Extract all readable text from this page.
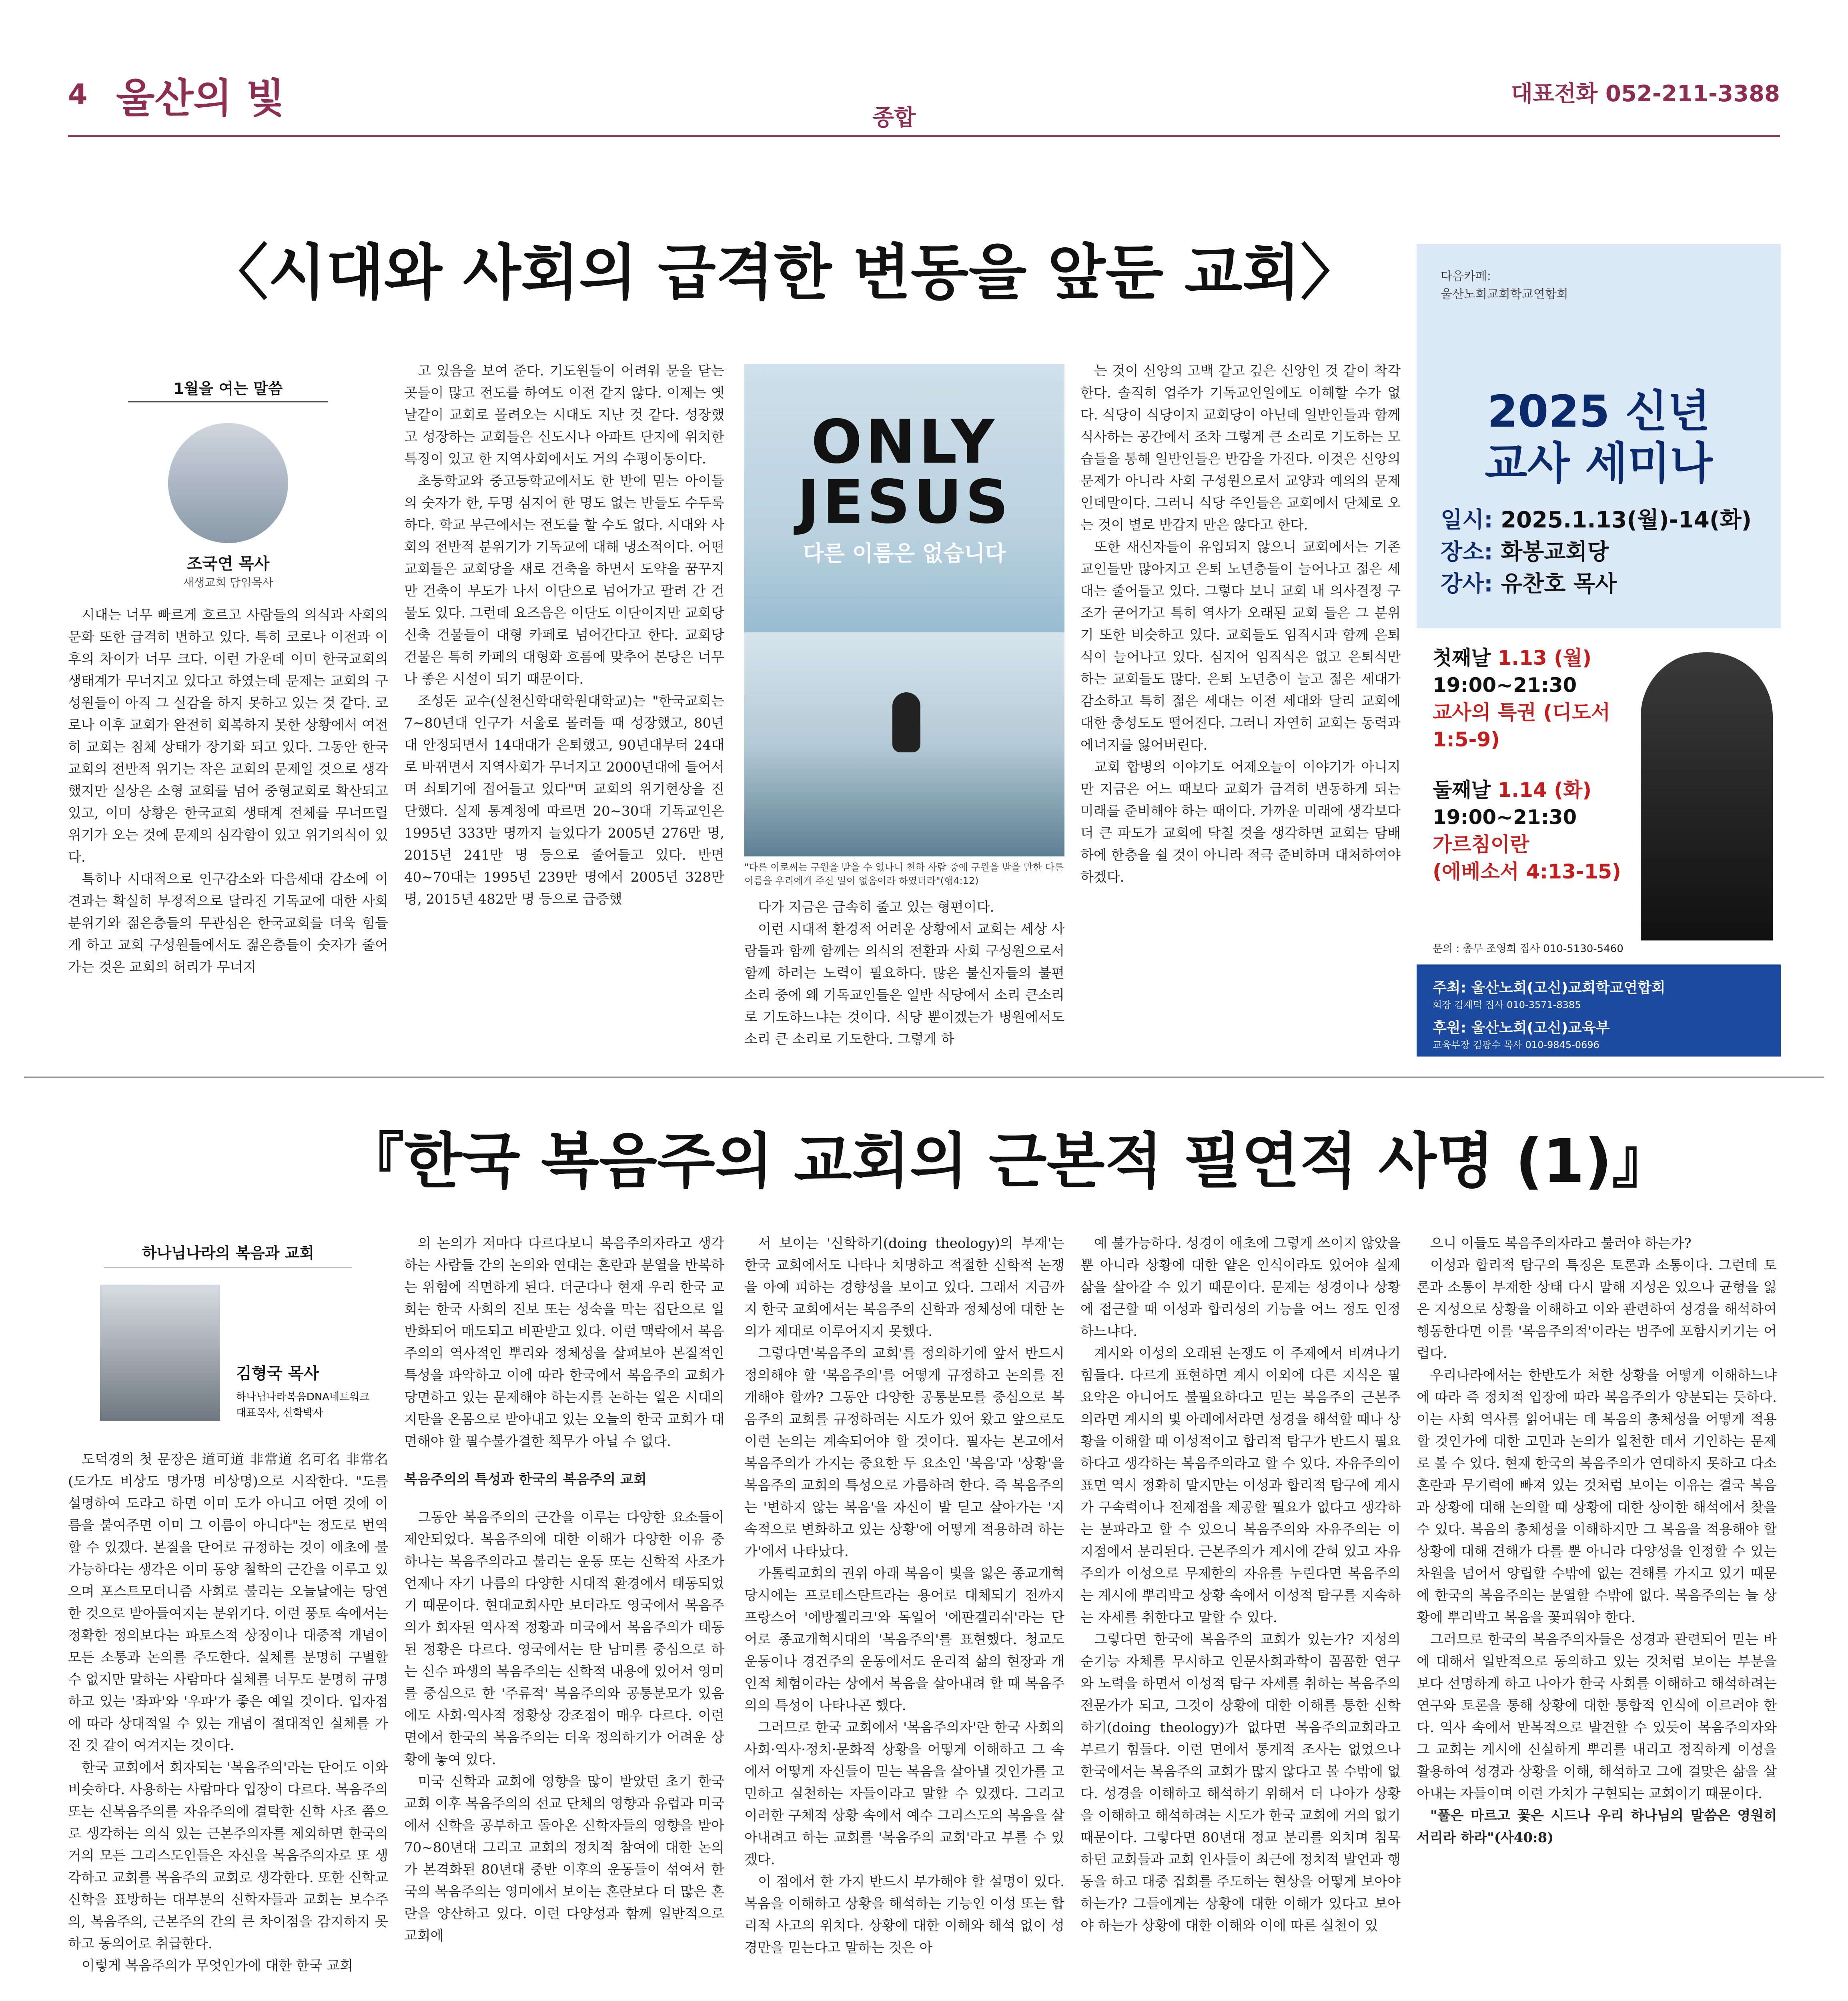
4 울산의 빛	종합
대표전화 052-211-3388
〈시대와 사회의 급격한 변동을 앞둔 교회〉
1월을 여는 말씀
조국연 목사
새생교회 담임목사

시대는 너무 빠르게 흐르고 사람들의 의식과 사회의 문화 또한 급격히 변하고 있다. 특히 코로나 이전과 이후의 차이가 너무 크다. 이런 가운데 이미 한국교회의 생태계가 무너지고 있다고 하였는데 문제는 교회의 구성원들이 아직 그 실감을 하지 못하고 있는 것 같다. 코로나 이후 교회가 완전히 회복하지 못한 상황에서 여전히 교회는 침체 상태가 장기화 되고 있다. 그동안 한국교회의 전반적 위기는 작은 교회의 문제일 것으로 생각했지만 실상은 소형 교회를 넘어 중형교회로 확산되고 있고, 이미 상황은 한국교회 생태계 전체를 무너뜨릴 위기가 오는 것에 문제의 심각함이 있고 위기의식이 있다.

특히나 시대적으로 인구감소와 다음세대 감소에 이견과는 확실히 부정적으로 달라진 기독교에 대한 사회 분위기와 젊은층들의 무관심은 한국교회를 더욱 힘들게 하고 교회 구성원들에서도 젊은층들이 숫자가 줄어가는 것은 교회의 허리가 무너지

고 있음을 보여 준다. 기도원들이 어려워 문을 닫는 곳들이 많고 전도를 하여도 이전 같지 않다. 이제는 옛날같이 교회로 몰려오는 시대도 지난 것 같다. 성장했고 성장하는 교회들은 신도시나 아파트 단지에 위치한 특징이 있고 한 지역사회에서도 거의 수평이동이다.

초등학교와 중고등학교에서도 한 반에 믿는 아이들의 숫자가 한, 두명 심지어 한 명도 없는 반들도 수두룩하다. 학교 부근에서는 전도를 할 수도 없다. 시대와 사회의 전반적 분위기가 기독교에 대해 냉소적이다. 어떤 교회들은 교회당을 새로 건축을 하면서 도약을 꿈꾸지만 건축이 부도가 나서 이단으로 넘어가고 팔려 간 건물도 있다. 그런데 요즈음은 이단도 이단이지만 교회당 신축 건물들이 대형 카페로 넘어간다고 한다. 교회당 건물은 특히 카페의 대형화 흐름에 맞추어 본당은 너무나 좋은 시설이 되기 때문이다.

조성돈 교수(실천신학대학원대학교)는 "한국교회는 7~80년대 인구가 서울로 몰려들 때 성장했고, 80년대 안정되면서 14대대가 은퇴했고, 90년대부터 24대로 바뀌면서 지역사회가 무너지고 2000년대에 들어서며 쇠퇴기에 접어들고 있다"며 교회의 위기현상을 진단했다. 실제 통계청에 따르면 20~30대 기독교인은 1995년 333만 명까지 늘었다가 2005년 276만 명, 2015년 241만 명 등으로 줄어들고 있다. 반면 40~70대는 1995년 239만 명에서 2005년 328만 명, 2015년 482만 명 등으로 급증했

ONLY
JESUS
다른 이름은 없습니다
"다른 이로써는 구원을 받을 수 없나니 천하 사람 중에 구원을 받을 만한 다른 이름을 우리에게 주신 일이 없음이라 하였더라"(행4:12)

다가 지금은 급속히 줄고 있는 형편이다.

이런 시대적 환경적 어려운 상황에서 교회는 세상 사람들과 함께 함께는 의식의 전환과 사회 구성원으로서 함께 하려는 노력이 필요하다. 많은 불신자들의 불편 소리 중에 왜 기독교인들은 일반 식당에서 소리 큰소리로 기도하느냐는 것이다. 식당 뿐이겠는가 병원에서도 소리 큰 소리로 기도한다. 그렇게 하

는 것이 신앙의 고백 같고 깊은 신앙인 것 같이 착각한다. 솔직히 업주가 기독교인일에도 이해할 수가 없다. 식당이 식당이지 교회당이 아닌데 일반인들과 함께 식사하는 공간에서 조차 그렇게 큰 소리로 기도하는 모습들을 통해 일반인들은 반감을 가진다. 이것은 신앙의 문제가 아니라 사회 구성원으로서 교양과 예의의 문제인데말이다. 그러니 식당 주인들은 교회에서 단체로 오는 것이 별로 반갑지 만은 않다고 한다.

또한 새신자들이 유입되지 않으니 교회에서는 기존 교인들만 많아지고 은퇴 노년층들이 늘어나고 젊은 세대는 줄어들고 있다. 그렇다 보니 교회 내 의사결정 구조가 굳어가고 특히 역사가 오래된 교회 들은 그 분위기 또한 비슷하고 있다. 교회들도 임직시과 함께 은퇴식이 늘어나고 있다. 심지어 임직식은 없고 은퇴식만 하는 교회들도 많다. 은퇴 노년층이 늘고 젊은 세대가 감소하고 특히 젊은 세대는 이전 세대와 달리 교회에 대한 충성도도 떨어진다. 그러니 자연히 교회는 동력과 에너지를 잃어버린다.

교회 합병의 이야기도 어제오늘이 이야기가 아니지만 지금은 어느 때보다 교회가 급격히 변동하게 되는 미래를 준비해야 하는 때이다. 가까운 미래에 생각보다 더 큰 파도가 교회에 닥칠 것을 생각하면 교회는 담배하에 한층을 쉴 것이 아니라 적극 준비하며 대처하여야 하겠다.

다음카페:
울산노회교회학교연합회
2025 신년
교사 세미나
일시: 2025.1.13(월)-14(화)
장소: 화봉교회당
강사: 유찬호 목사
첫째날 1.13 (월)
19:00~21:30
교사의 특권 (디도서 1:5-9)
둘째날 1.14 (화)
19:00~21:30
가르침이란
(에베소서 4:13-15)
문의 : 총무 조영희 집사 010-5130-5460
주최: 울산노회(고신)교회학교연합회
회장 김재덕 집사 010-3571-8385
후원: 울산노회(고신)교육부
교육부장 김광수 목사 010-9845-0696
『한국 복음주의 교회의 근본적 필연적 사명 (1)』
하나님나라의 복음과 교회
김형국 목사
하나님나라복음DNA네트워크
대표목사, 신학박사

도덕경의 첫 문장은 道可道 非常道 名可名 非常名 (도가도 비상도 명가명 비상명)으로 시작한다. "도를 설명하여 도라고 하면 이미 도가 아니고 어떤 것에 이름을 붙여주면 이미 그 이름이 아니다"는 정도로 번역할 수 있겠다. 본질을 단어로 규정하는 것이 애초에 불가능하다는 생각은 이미 동양 철학의 근간을 이루고 있으며 포스트모더니즘 사회로 불리는 오늘날에는 당연한 것으로 받아들여지는 분위기다. 이런 풍토 속에서는 정확한 정의보다는 파토스적 상징이나 대중적 개념이 모든 소통과 논의를 주도한다. 실체를 분명히 구별할 수 없지만 말하는 사람마다 실체를 너무도 분명히 규명하고 있는 '좌파'와 '우파'가 좋은 예일 것이다. 입자점에 따라 상대적일 수 있는 개념이 절대적인 실체를 가진 것 같이 여겨지는 것이다.

한국 교회에서 회자되는 '복음주의'라는 단어도 이와 비슷하다. 사용하는 사람마다 입장이 다르다. 복음주의 또는 신복음주의를 자유주의에 결탁한 신학 사조 쯤으로 생각하는 의식 있는 근본주의자를 제외하면 한국의 거의 모든 그리스도인들은 자신을 복음주의자로 또 생각하고 교회를 복음주의 교회로 생각한다. 또한 신학교 신학을 표방하는 대부분의 신학자들과 교회는 보수주의, 복음주의, 근본주의 간의 큰 차이점을 감지하지 못하고 동의어로 취급한다.

이렇게 복음주의가 무엇인가에 대한 한국 교회

의 논의가 저마다 다르다보니 복음주의자라고 생각하는 사람들 간의 논의와 연대는 혼란과 분열을 반복하는 위험에 직면하게 된다. 더군다나 현재 우리 한국 교회는 한국 사회의 진보 또는 성숙을 막는 집단으로 일반화되어 매도되고 비판받고 있다. 이런 맥락에서 복음주의의 역사적인 뿌리와 정체성을 살펴보아 본질적인 특성을 파악하고 이에 따라 한국에서 복음주의 교회가 당면하고 있는 문제해야 하는지를 논하는 일은 시대의 지탄을 온몸으로 받아내고 있는 오늘의 한국 교회가 대면해야 할 필수불가결한 책무가 아닐 수 없다.

복음주의의 특성과 한국의 복음주의 교회

그동안 복음주의의 근간을 이루는 다양한 요소들이 제안되었다. 복음주의에 대한 이해가 다양한 이유 중 하나는 복음주의라고 불리는 운동 또는 신학적 사조가 언제나 자기 나름의 다양한 시대적 환경에서 태동되었기 때문이다. 현대교회사만 보더라도 영국에서 복음주의가 회자된 역사적 정황과 미국에서 복음주의가 태동된 정황은 다르다. 영국에서는 탄 남미를 중심으로 하는 신수 파생의 복음주의는 신학적 내용에 있어서 영미를 중심으로 한 '주류적' 복음주의와 공통분모가 있음에도 사회·역사적 정황상 강조점이 매우 다르다. 이런 면에서 한국의 복음주의는 더욱 정의하기가 어려운 상황에 놓여 있다.

미국 신학과 교회에 영향을 많이 받았던 초기 한국 교회 이후 복음주의의 선교 단체의 영향과 유럽과 미국에서 신학을 공부하고 돌아온 신학자들의 영향을 받아 70~80년대 그리고 교회의 정치적 참여에 대한 논의가 본격화된 80년대 중반 이후의 운동들이 섞여서 한국의 복음주의는 영미에서 보이는 혼란보다 더 많은 혼란을 양산하고 있다. 이런 다양성과 함께 일반적으로 교회에

서 보이는 '신학하기(doing theology)의 부재'는 한국 교회에서도 나타나 치명하고 적절한 신학적 논쟁을 아예 피하는 경향성을 보이고 있다. 그래서 지금까지 한국 교회에서는 복음주의 신학과 정체성에 대한 논의가 제대로 이루어지지 못했다.

그렇다면'복음주의 교회'를 정의하기에 앞서 반드시 정의해야 할 '복음주의'를 어떻게 규정하고 논의를 전개해야 할까? 그동안 다양한 공통분모를 중심으로 복음주의 교회를 규정하려는 시도가 있어 왔고 앞으로도 이런 논의는 계속되어야 할 것이다. 필자는 본고에서 복음주의가 가지는 중요한 두 요소인 '복음'과 '상황'을 복음주의 교회의 특성으로 가름하려 한다. 즉 복음주의는 '변하지 않는 복음'을 자신이 발 딛고 살아가는 '지속적으로 변화하고 있는 상황'에 어떻게 적용하려 하는가'에서 나타났다.

가톨릭교회의 권위 아래 복음이 빛을 잃은 종교개혁 당시에는 프로테스탄트라는 용어로 대체되기 전까지 프랑스어 '에방젤리크'와 독일어 '에판겔리쉬'라는 단어로 종교개혁시대의 '복음주의'를 표현했다. 청교도 운동이나 경건주의 운동에서도 운리적 삶의 현장과 개인적 체험이라는 상에서 복음을 살아내려 할 때 복음주의의 특성이 나타나곤 했다.

그러므로 한국 교회에서 '복음주의자'란 한국 사회의 사회·역사·정치·문화적 상황을 어떻게 이해하고 그 속에서 어떻게 자신들이 믿는 복음을 살아낼 것인가를 고민하고 실천하는 자들이라고 말할 수 있겠다. 그리고 이러한 구체적 상황 속에서 예수 그리스도의 복음을 살아내려고 하는 교회를 '복음주의 교회'라고 부를 수 있겠다.

이 점에서 한 가지 반드시 부가해야 할 설명이 있다. 복음을 이해하고 상황을 해석하는 기능인 이성 또는 합리적 사고의 위치다. 상황에 대한 이해와 해석 없이 성경만을 믿는다고 말하는 것은 아

예 불가능하다. 성경이 애초에 그렇게 쓰이지 않았을 뿐 아니라 상황에 대한 얕은 인식이라도 있어야 실제 삶을 살아갈 수 있기 때문이다. 문제는 성경이나 상황에 접근할 때 이성과 합리성의 기능을 어느 정도 인정하느냐다.

계시와 이성의 오래된 논쟁도 이 주제에서 비껴나기 힘들다. 다르게 표현하면 계시 이외에 다른 지식은 필요악은 아니어도 불필요하다고 믿는 복음주의 근본주의라면 계시의 빛 아래에서라면 성경을 해석할 때나 상황을 이해할 때 이성적이고 합리적 탐구가 반드시 필요하다고 생각하는 복음주의라고 할 수 있다. 자유주의이 표면 역시 정확히 말지만는 이성과 합리적 탐구에 계시가 구속력이나 전제점을 제공할 필요가 없다고 생각하는 분파라고 할 수 있으니 복음주의와 자유주의는 이 지점에서 분리된다. 근본주의가 계시에 갇혀 있고 자유주의가 이성으로 무제한의 자유를 누린다면 복음주의는 계시에 뿌리박고 상황 속에서 이성적 탐구를 지속하는 자세를 취한다고 말할 수 있다.

그렇다면 한국에 복음주의 교회가 있는가? 지성의 순기능 자체를 무시하고 인문사회과학이 꼼꼼한 연구와 노력을 하면서 이성적 탐구 자세를 취하는 복음주의 전문가가 되고, 그것이 상황에 대한 이해를 통한 신학하기(doing theology)가 없다면 복음주의교회라고 부르기 힘들다. 이런 면에서 통계적 조사는 없었으나 한국에서는 복음주의 교회가 많지 않다고 볼 수밖에 없다. 성경을 이해하고 해석하기 위해서 더 나아가 상황을 이해하고 해석하려는 시도가 한국 교회에 거의 없기 때문이다. 그렇다면 80년대 정교 분리를 외치며 침묵하던 교회들과 교회 인사들이 최근에 정치적 발언과 행동을 하고 대중 집회를 주도하는 현상을 어떻게 보아야 하는가? 그들에게는 상황에 대한 이해가 있다고 보아야 하는가 상황에 대한 이해와 이에 따른 실천이 있

으니 이들도 복음주의자라고 불러야 하는가?

이성과 합리적 탐구의 특징은 토론과 소통이다. 그런데 토론과 소통이 부재한 상태 다시 말해 지성은 있으나 균형을 잃은 지성으로 상황을 이해하고 이와 관련하여 성경을 해석하여 행동한다면 이를 '복음주의적'이라는 범주에 포함시키기는 어렵다.

우리나라에서는 한반도가 처한 상황을 어떻게 이해하느냐에 따라 즉 정치적 입장에 따라 복음주의가 양분되는 듯하다. 이는 사회 역사를 읽어내는 데 복음의 총체성을 어떻게 적용할 것인가에 대한 고민과 논의가 일천한 데서 기인하는 문제로 볼 수 있다. 현재 한국의 복음주의가 연대하지 못하고 다소 혼란과 무기력에 빠져 있는 것처럼 보이는 이유는 결국 복음과 상황에 대해 논의할 때 상황에 대한 상이한 해석에서 찾을 수 있다. 복음의 총체성을 이해하지만 그 복음을 적용해야 할 상황에 대해 견해가 다를 뿐 아니라 다양성을 인정할 수 있는 차원을 넘어서 양립할 수밖에 없는 견해를 가지고 있기 때문에 한국의 복음주의는 분열할 수밖에 없다. 복음주의는 늘 상황에 뿌리박고 복음을 꽃피워야 한다.

그러므로 한국의 복음주의자들은 성경과 관련되어 믿는 바에 대해서 일반적으로 동의하고 있는 것처럼 보이는 부분을 보다 선명하게 하고 나아가 한국 사회를 이해하고 해석하려는 연구와 토론을 통해 상황에 대한 통합적 인식에 이르러야 한다. 역사 속에서 반복적으로 발견할 수 있듯이 복음주의자와 그 교회는 계시에 신실하게 뿌리를 내리고 정직하게 이성을 활용하여 성경과 상황을 이해, 해석하고 그에 걸맞은 삶을 살아내는 자들이며 이런 가치가 구현되는 교회이기 때문이다.

"풀은 마르고 꽃은 시드나 우리 하나님의 말씀은 영원히 서리라 하라"(사40:8)
